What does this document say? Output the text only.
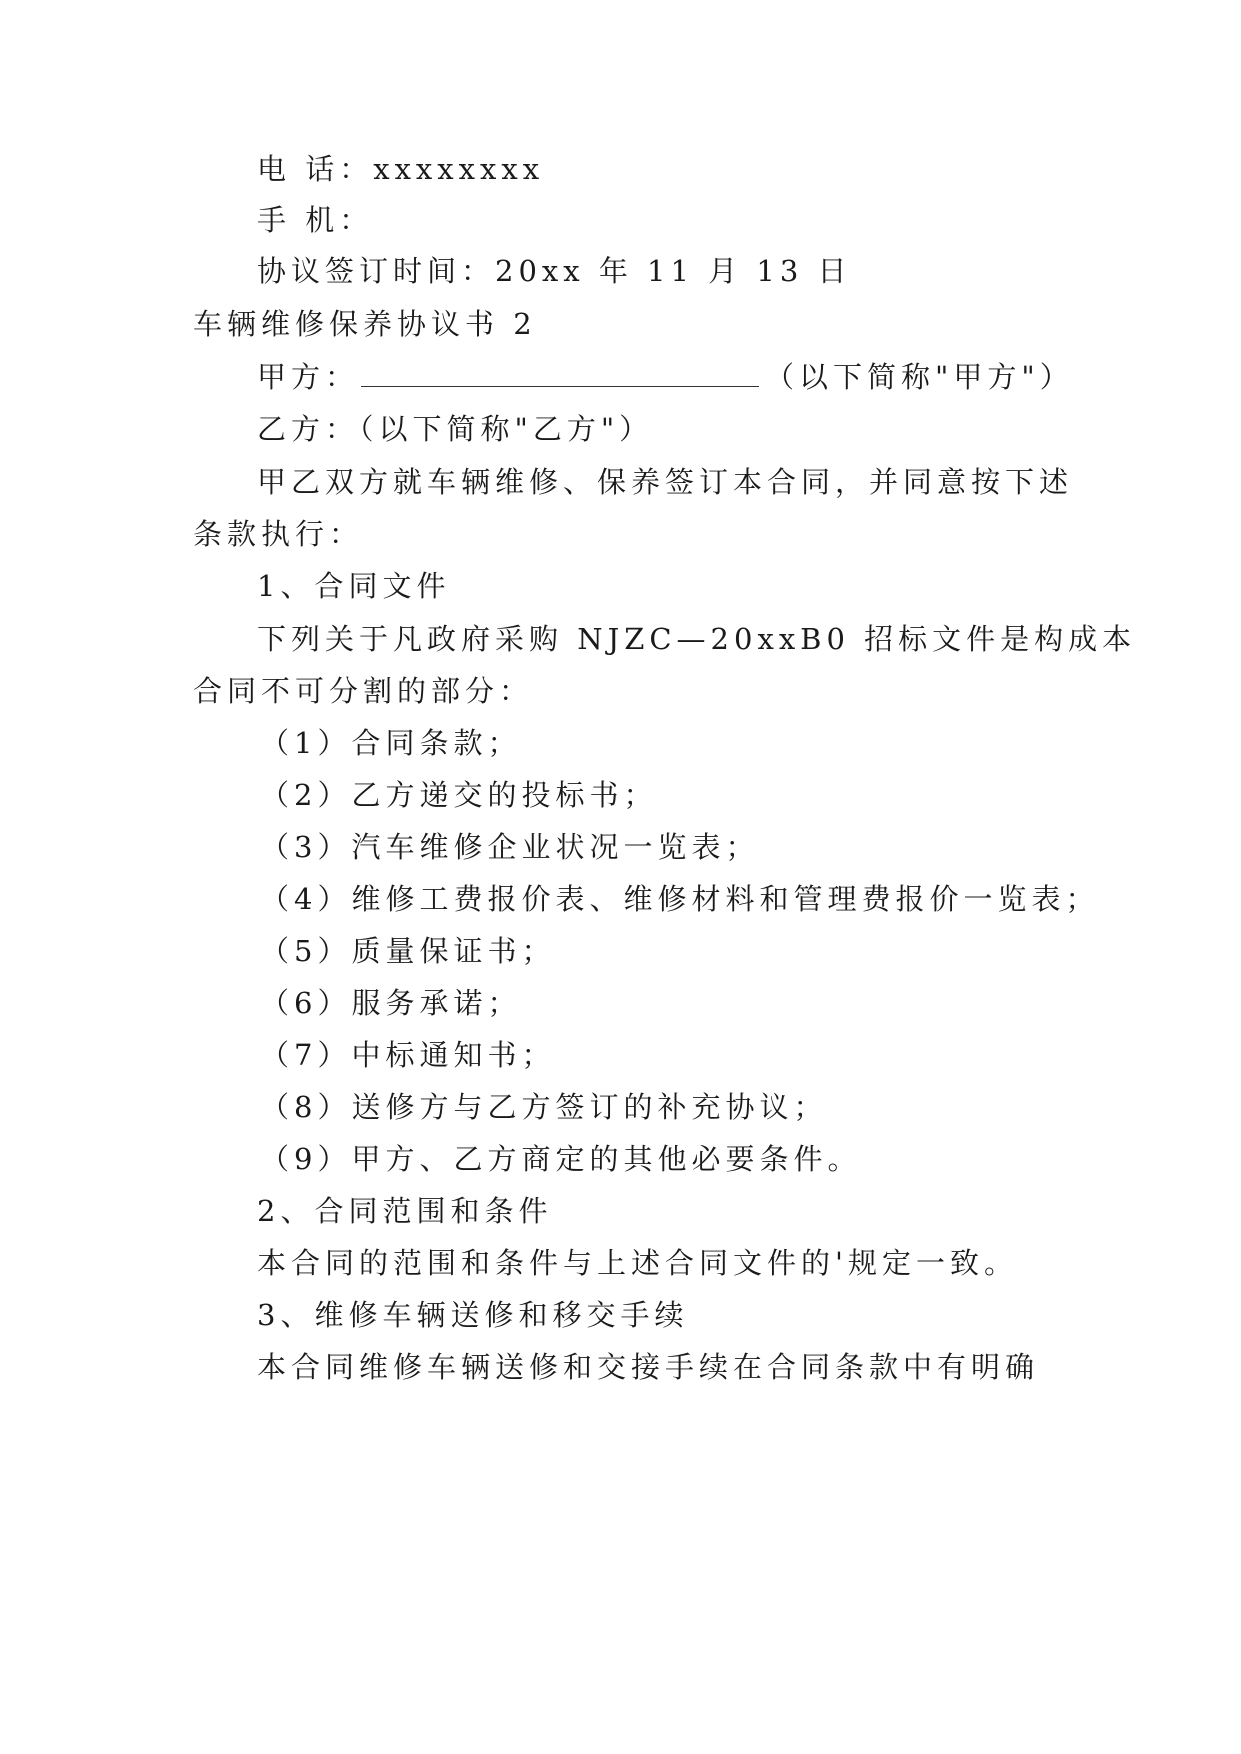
电 话：xxxxxxxx
手 机：
协议签订时间：20xx 年 11 月 13 日
车辆维修保养协议书 2
甲方：	（以下简称"甲方"）
乙方：（以下简称"乙方"）
甲乙双方就车辆维修、保养签订本合同，并同意按下述
条款执行：
1、合同文件
下列关于凡政府采购 NJZC—20xxB0 招标文件是构成本
合同不可分割的部分：
（1）合同条款；
（2）乙方递交的投标书；
（3）汽车维修企业状况一览表；
（4）维修工费报价表、维修材料和管理费报价一览表；
（5）质量保证书；
（6）服务承诺；
（7）中标通知书；
（8）送修方与乙方签订的补充协议；
（9）甲方、乙方商定的其他必要条件。
2、合同范围和条件
本合同的范围和条件与上述合同文件的'规定一致。
3、维修车辆送修和移交手续
本合同维修车辆送修和交接手续在合同条款中有明确
